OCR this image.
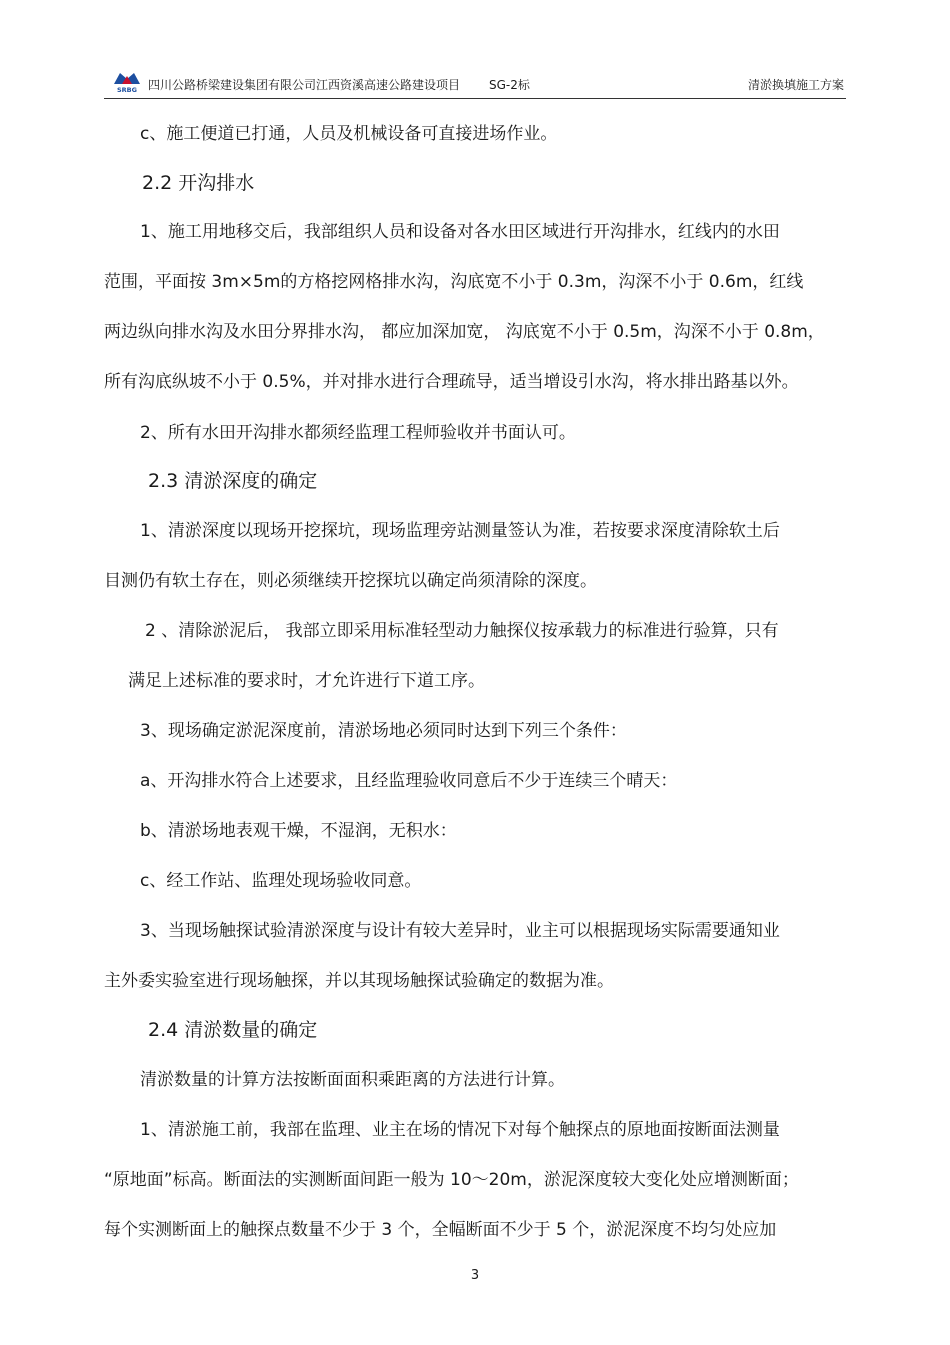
SRBG 四川公路桥梁建设集团有限公司江西资溪高速公路建设项目 SG-2标	清淤换填施工方案
c、施工便道已打通，人员及机械设备可直接进场作业。
2.2 开沟排水
1、施工用地移交后，我部组织人员和设备对各水田区域进行开沟排水，红线内的水田
范围，平面按 3m×5m的方格挖网格排水沟，沟底宽不小于 0.3m，沟深不小于 0.6m，红线
两边纵向排水沟及水田分界排水沟， 都应加深加宽， 沟底宽不小于 0.5m，沟深不小于 0.8m，
所有沟底纵坡不小于 0.5%，并对排水进行合理疏导，适当增设引水沟，将水排出路基以外。
2、所有水田开沟排水都须经监理工程师验收并书面认可。
2.3 清淤深度的确定
1、清淤深度以现场开挖探坑，现场监理旁站测量签认为准，若按要求深度清除软土后
目测仍有软土存在，则必须继续开挖探坑以确定尚须清除的深度。
2 、清除淤泥后， 我部立即采用标准轻型动力触探仪按承载力的标准进行验算，只有
满足上述标准的要求时，才允许进行下道工序。
3、现场确定淤泥深度前，清淤场地必须同时达到下列三个条件：
a、开沟排水符合上述要求，且经监理验收同意后不少于连续三个晴天：
b、清淤场地表观干燥，不湿润，无积水：
c、经工作站、监理处现场验收同意。
3、当现场触探试验清淤深度与设计有较大差异时，业主可以根据现场实际需要通知业
主外委实验室进行现场触探，并以其现场触探试验确定的数据为准。
2.4 清淤数量的确定
清淤数量的计算方法按断面面积乘距离的方法进行计算。
1、清淤施工前，我部在监理、业主在场的情况下对每个触探点的原地面按断面法测量
“原地面”标高。断面法的实测断面间距一般为 10～20m，淤泥深度较大变化处应增测断面；
每个实测断面上的触探点数量不少于 3 个，全幅断面不少于 5 个，淤泥深度不均匀处应加
3
